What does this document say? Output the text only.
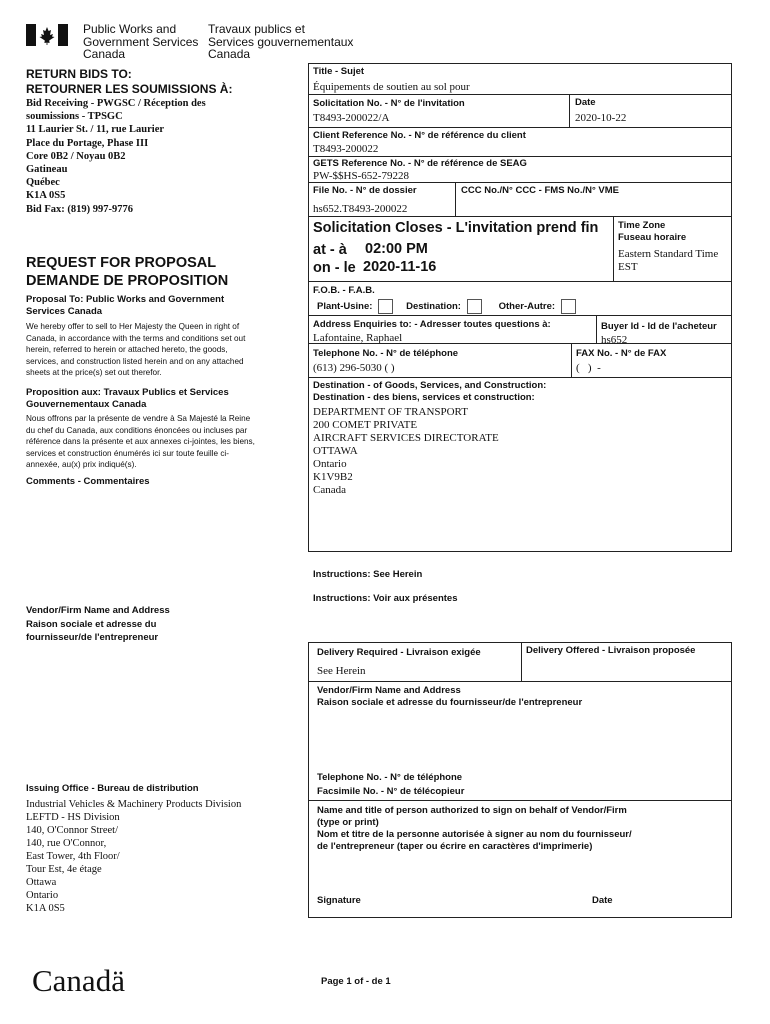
Public Works and
Government Services
Canada
Travaux publics et
Services gouvernementaux
Canada
RETURN BIDS TO:
RETOURNER LES SOUMISSIONS À:
Bid Receiving - PWGSC / Réception des
soumissions - TPSGC
11 Laurier St. / 11, rue Laurier
Place du Portage, Phase III
Core 0B2 / Noyau 0B2
Gatineau
Québec
K1A 0S5
Bid Fax: (819) 997-9776
REQUEST FOR PROPOSAL
DEMANDE DE PROPOSITION
Proposal To: Public Works and Government Services Canada
We hereby offer to sell to Her Majesty the Queen in right of Canada, in accordance with the terms and conditions set out herein, referred to herein or attached hereto, the goods, services, and construction listed herein and on any attached sheets at the price(s) set out therefor.
Proposition aux: Travaux Publics et Services Gouvernementaux Canada
Nous offrons par la présente de vendre à Sa Majesté la Reine du chef du Canada, aux conditions énoncées ou incluses par référence dans la présente et aux annexes ci-jointes, les biens, services et construction énumérés ici sur toute feuille ci-annexée, au(x) prix indiqué(s).
Comments - Commentaires
Vendor/Firm Name and Address
Raison sociale et adresse du
fournisseur/de l'entrepreneur
Issuing Office - Bureau de distribution
Industrial Vehicles & Machinery Products Division
LEFTD - HS Division
140, O'Connor Street/
140, rue O'Connor,
East Tower, 4th Floor/
Tour Est, 4e étage
Ottawa
Ontario
K1A 0S5
Canadä	Page 1 of - de 1
Title - Sujet
Équipements de soutien au sol pour
Solicitation No. - N° de l'invitation
T8493-200022/A
Date
2020-10-22
Client Reference No. - N° de référence du client
T8493-200022
GETS Reference No. - N° de référence de SEAG
PW-$$HS-652-79228
File No. - N° de dossier
hs652.T8493-200022
CCC No./N° CCC - FMS No./N° VME
Solicitation Closes - L'invitation prend fin
at - à 02:00 PM
on - le 2020-11-16
Time Zone
Fuseau horaire
Eastern Standard Time
EST
F.O.B. - F.A.B.
Plant-Usine:	Destination:	Other-Autre:
Address Enquiries to: - Adresser toutes questions à:
Lafontaine, Raphael
Buyer Id - Id de l'acheteur
hs652
Telephone No. - N° de téléphone
(613) 296-5030 ( )
FAX No. - N° de FAX
(   )  -
Destination - of Goods, Services, and Construction:
Destination - des biens, services et construction:
DEPARTMENT OF TRANSPORT
200 COMET PRIVATE
AIRCRAFT SERVICES DIRECTORATE
OTTAWA
Ontario
K1V9B2
Canada
Instructions: See Herein
Instructions: Voir aux présentes
Delivery Required - Livraison exigée
See Herein
Delivery Offered - Livraison proposée
Vendor/Firm Name and Address
Raison sociale et adresse du fournisseur/de l'entrepreneur
Telephone No. - N° de téléphone
Facsimile No. - N° de télécopieur
Name and title of person authorized to sign on behalf of Vendor/Firm
(type or print)
Nom et titre de la personne autorisée à signer au nom du fournisseur/
de l'entrepreneur (taper ou écrire en caractères d'imprimerie)
Signature	Date
